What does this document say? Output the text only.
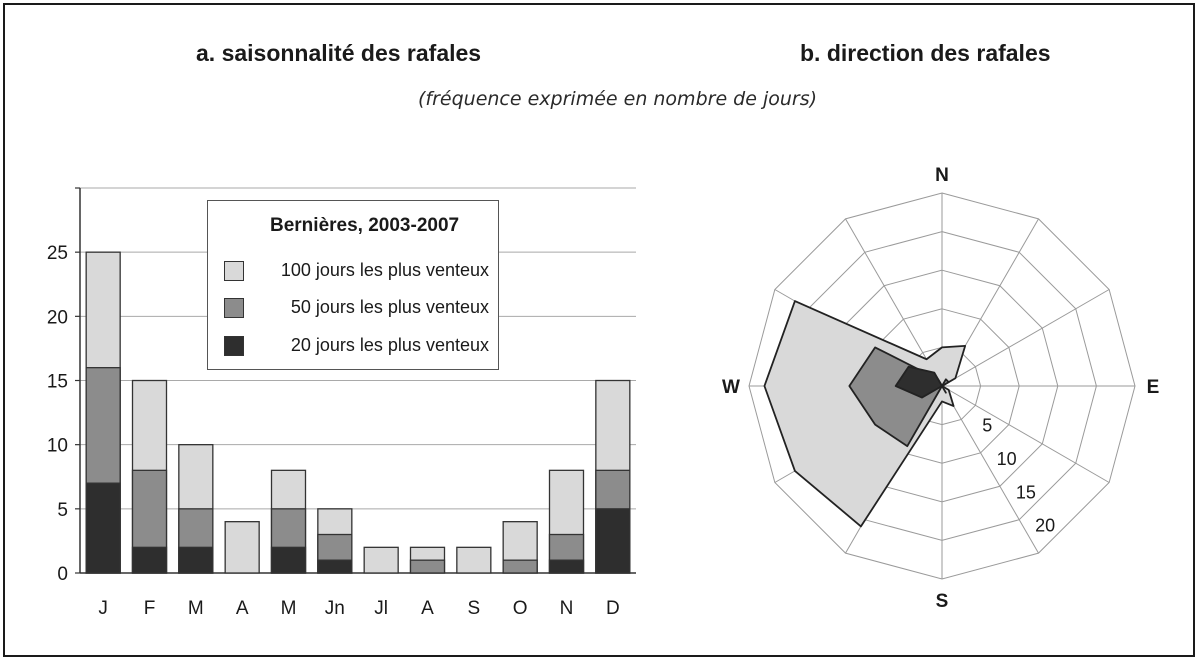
a. saisonnalité des rafales	b. direction des rafales
(fréquence exprimée en nombre de jours)
0
5
10
15
20
25
J F M A M Jn Jl A S O N D
5
10
15
20
N
E
S
W
Bernières, 2003-2007
100 jours les plus venteux
50 jours les plus venteux
20 jours les plus venteux
